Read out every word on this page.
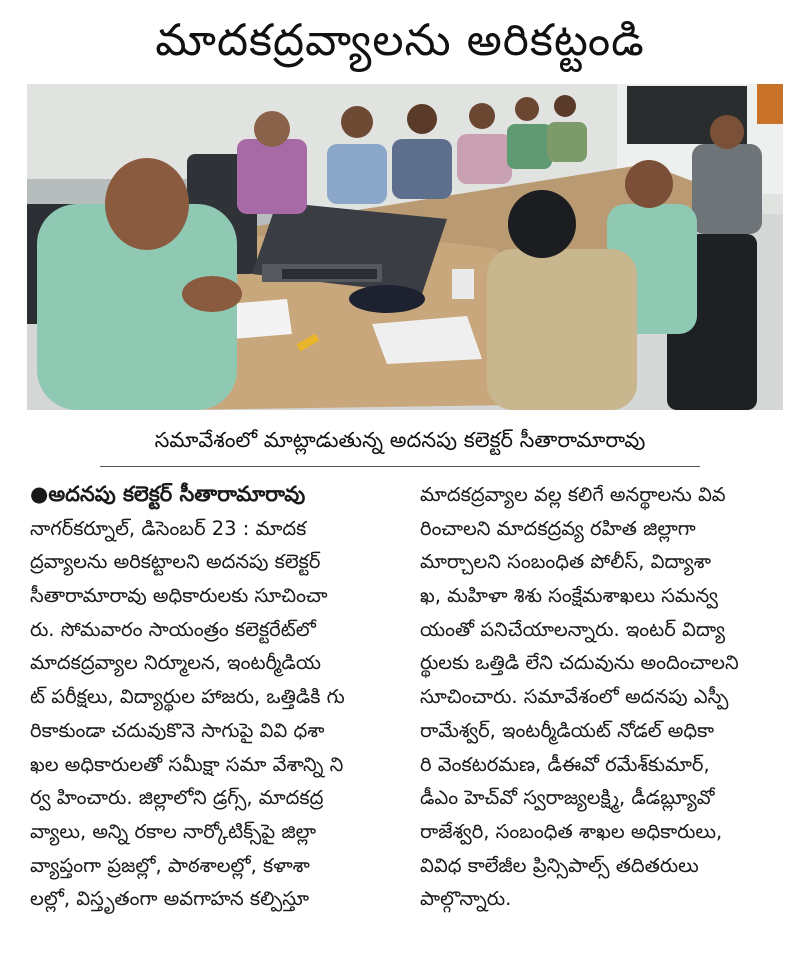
మాదకద్రవ్యాలను అరికట్టండి
సమావేశంలో మాట్లాడుతున్న అదనపు కలెక్టర్ సీతారామారావు
●అదనపు కలెక్టర్ సీతారామారావు
నాగర్‌కర్నూల్, డిసెంబర్ 23 : మాదక
ద్రవ్యాలను అరికట్టాలని అదనపు కలెక్టర్
సీతారామారావు అధికారులకు సూచించా
రు. సోమవారం సాయంత్రం కలెక్టరేట్‌లో
మాదకద్రవ్యాల నిర్మూలన, ఇంటర్మీడియ
ట్ పరీక్షలు, విద్యార్థుల హాజరు, ఒత్తిడికి గు
రికాకుండా చదువుకొనె సాగుపై వివి ధశా
ఖల అధికారులతో సమీక్షా సమా వేశాన్ని ని
ర్వ హించారు. జిల్లాలోని డ్రగ్స్, మాదకద్ర
వ్యాలు, అన్ని రకాల నార్కోటిక్స్‌పై జిల్లా
వ్యాప్తంగా ప్రజల్లో, పాఠశాలల్లో, కళాశా
లల్లో, విస్తృతంగా అవగాహన కల్పిస్తూ
మాదకద్రవ్యాల వల్ల కలిగే అనర్థాలను వివ
రించాలని మాదకద్రవ్య రహిత జిల్లాగా
మార్చాలని సంబంధిత పోలీస్, విద్యాశా
ఖ, మహిళా శిశు సంక్షేమశాఖలు సమన్వ
యంతో పనిచేయాలన్నారు. ఇంటర్ విద్యా
ర్థులకు ఒత్తిడి లేని చదువును అందించాలని
సూచించారు. సమావేశంలో అదనపు ఎస్పీ
రామేశ్వర్, ఇంటర్మీడియట్ నోడల్ అధికా
రి వెంకటరమణ, డీఈవో రమేశ్‌కుమార్,
డీఎం హెచ్‌వో స్వరాజ్యలక్ష్మి, డీడబ్ల్యూవో
రాజేశ్వరి, సంబంధిత శాఖల అధికారులు,
వివిధ కాలేజీల ప్రిన్సిపాల్స్ తదితరులు
పాల్గొన్నారు.
